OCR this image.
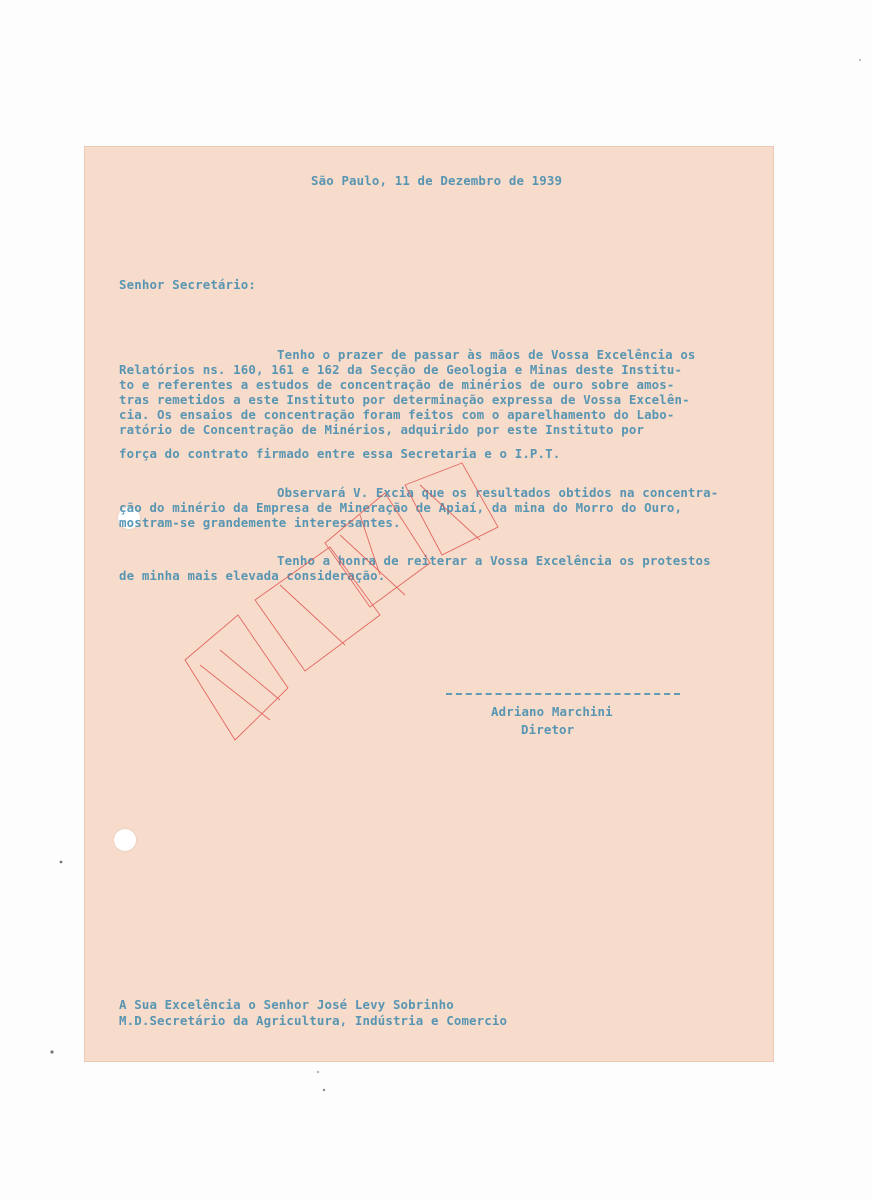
São Paulo, 11 de Dezembro de 1939
Senhor Secretário:
Tenho o prazer de passar às mãos de Vossa Excelência os
Relatórios ns. 160, 161 e 162 da Secção de Geologia e Minas deste Institu-
to e referentes a estudos de concentração de minérios de ouro sobre amos-
tras remetidos a este Instituto por determinação expressa de Vossa Excelên-
cia. Os ensaios de concentração foram feitos com o aparelhamento do Labo-
ratório de Concentração de Minérios, adquirido por este Instituto por
força do contrato firmado entre essa Secretaria e o I.P.T.
Observará V. Excia que os resultados obtidos na concentra-
ção do minério da Empresa de Mineração de Apiaí, da mina do Morro do Ouro,
mostram-se grandemente interessantes.
Tenho a honra de reiterar a Vossa Excelência os protestos
de minha mais elevada consideração.
Adriano Marchini
Diretor
A Sua Excelência o Senhor José Levy Sobrinho
M.D.Secretário da Agricultura, Indústria e Comercio
